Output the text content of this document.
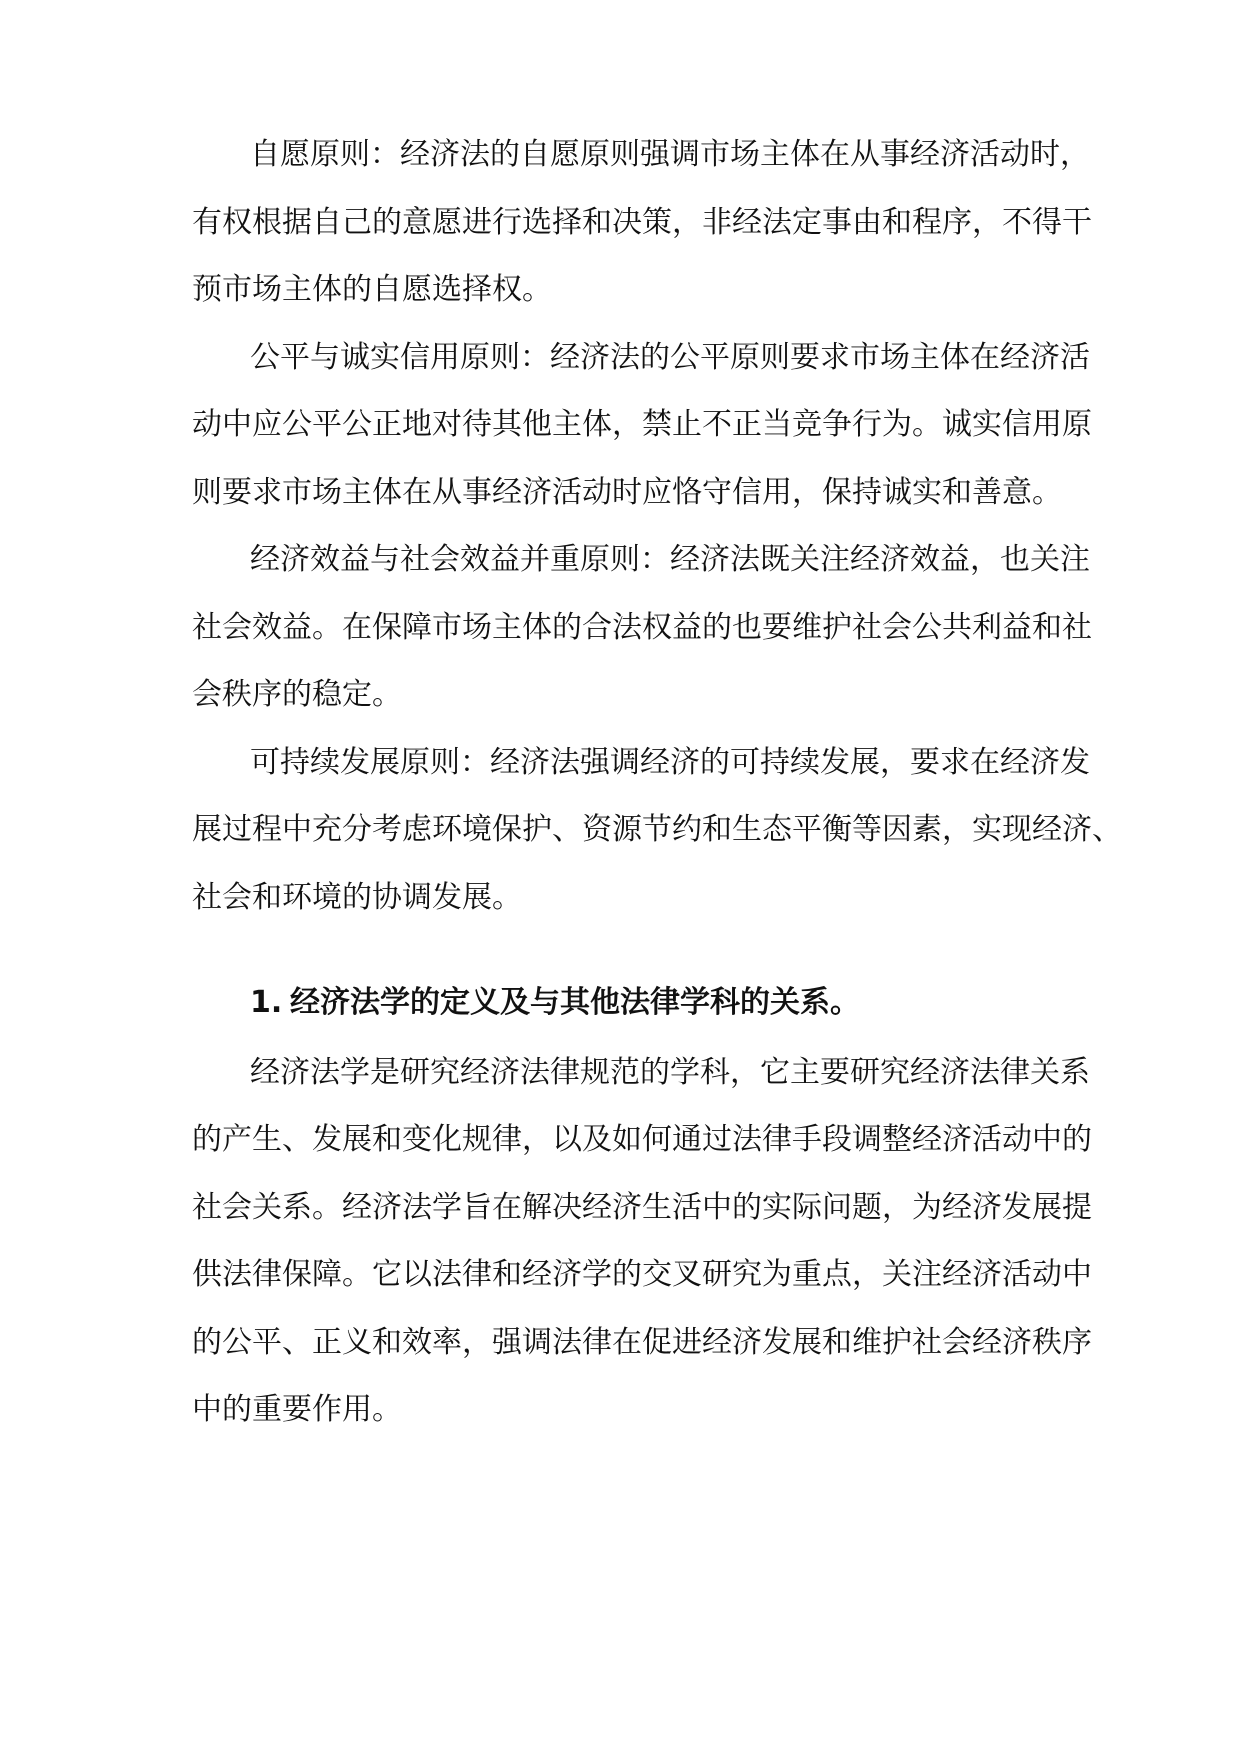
自愿原则：经济法的自愿原则强调市场主体在从事经济活动时，
有权根据自己的意愿进行选择和决策，非经法定事由和程序，不得干
预市场主体的自愿选择权。
公平与诚实信用原则：经济法的公平原则要求市场主体在经济活
动中应公平公正地对待其他主体，禁止不正当竞争行为。诚实信用原
则要求市场主体在从事经济活动时应恪守信用，保持诚实和善意。
经济效益与社会效益并重原则：经济法既关注经济效益，也关注
社会效益。在保障市场主体的合法权益的也要维护社会公共利益和社
会秩序的稳定。
可持续发展原则：经济法强调经济的可持续发展，要求在经济发
展过程中充分考虑环境保护、资源节约和生态平衡等因素，实现经济、
社会和环境的协调发展。
1. 经济法学的定义及与其他法律学科的关系。
经济法学是研究经济法律规范的学科，它主要研究经济法律关系
的产生、发展和变化规律，以及如何通过法律手段调整经济活动中的
社会关系。经济法学旨在解决经济生活中的实际问题，为经济发展提
供法律保障。它以法律和经济学的交叉研究为重点，关注经济活动中
的公平、正义和效率，强调法律在促进经济发展和维护社会经济秩序
中的重要作用。
